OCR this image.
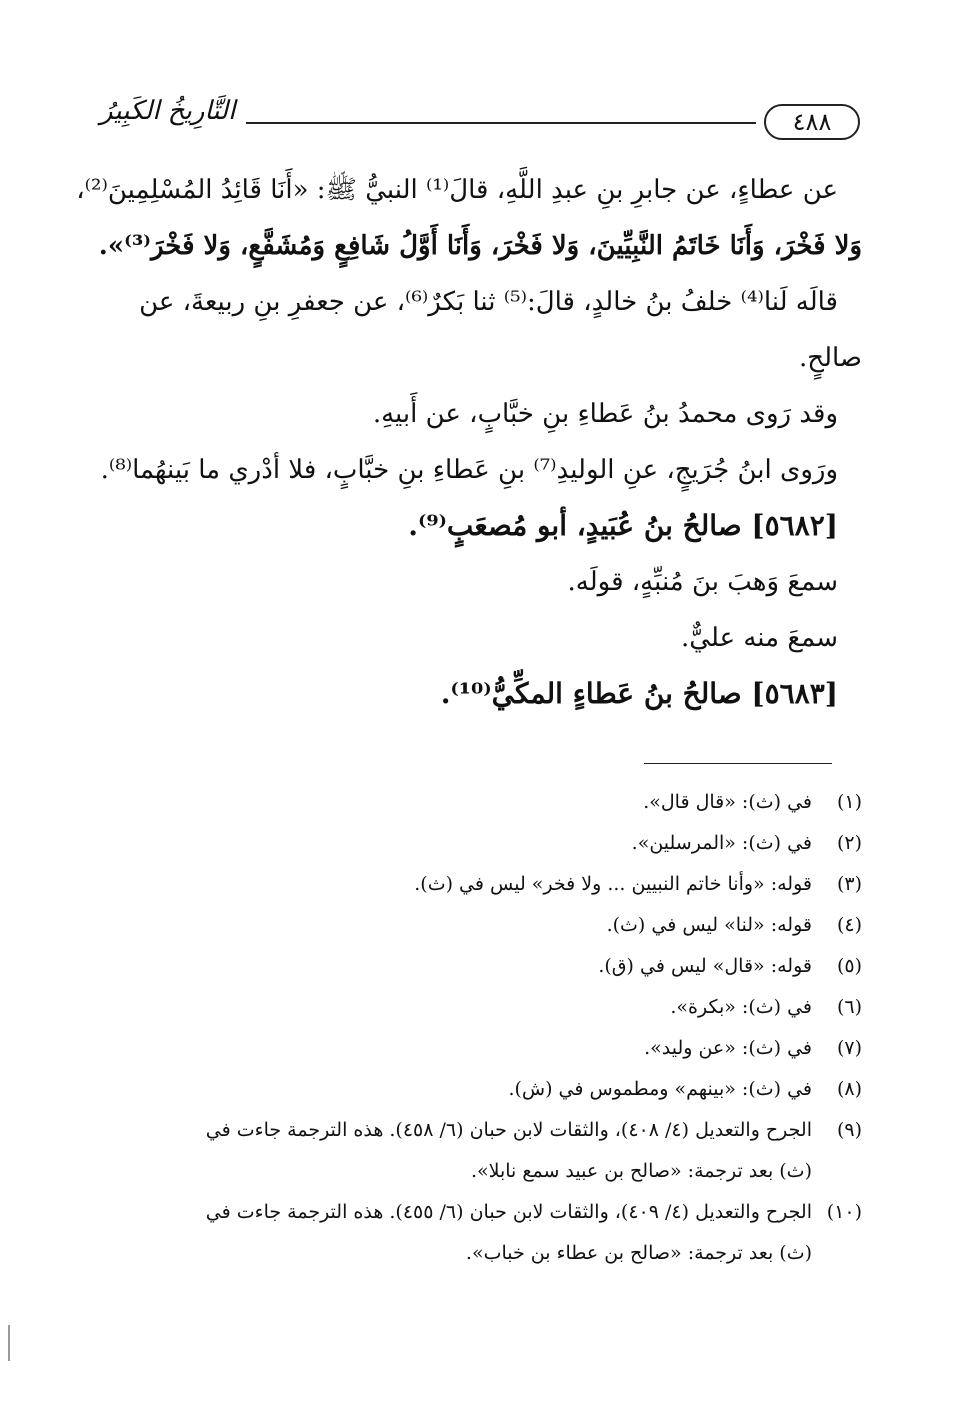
٤٨٨
التَّارِيخُ الكَبِيرُ
عن عطاءٍ، عن جابرِ بنِ عبدِ اللَّهِ، قالَ⁽¹⁾ النبيُّ ﷺ: «أَنَا قَائِدُ المُسْلِمِينَ⁽²⁾،
وَلا فَخْرَ، وَأَنَا خَاتَمُ النَّبِيِّينَ، وَلا فَخْرَ، وَأَنَا أَوَّلُ شَافِعٍ وَمُشَفَّعٍ، وَلا فَخْرَ⁽³⁾».
قالَه لَنا⁽⁴⁾ خلفُ بنُ خالدٍ، قالَ:⁽⁵⁾ ثنا بَكرٌ⁽⁶⁾، عن جعفرِ بنِ ربيعةَ، عن
صالحٍ.
وقد رَوى محمدُ بنُ عَطاءِ بنِ خبَّابٍ، عن أَبيهِ.
ورَوى ابنُ جُرَيجٍ، عنِ الوليدِ⁽⁷⁾ بنِ عَطاءِ بنِ خبَّابٍ، فلا أدْري ما بَينهُما⁽⁸⁾.
[٥٦٨٢] صالحُ بنُ عُبَيدٍ، أبو مُصعَبٍ⁽⁹⁾.
سمعَ وَهبَ بنَ مُنبِّهٍ، قولَه.
سمعَ منه عليٌّ.
[٥٦٨٣] صالحُ بنُ عَطاءٍ المكِّيُّ⁽¹⁰⁾.
(١)في (ث): «قال قال».
(٢)في (ث): «المرسلين».
(٣)قوله: «وأنا خاتم النبيين ... ولا فخر» ليس في (ث).
(٤)قوله: «لنا» ليس في (ث).
(٥)قوله: «قال» ليس في (ق).
(٦)في (ث): «بكرة».
(٧)في (ث): «عن وليد».
(٨)في (ث): «بينهم» ومطموس في (ش).
(٩)الجرح والتعديل (٤/ ٤٠٨)، والثقات لابن حبان (٦/ ٤٥٨). هذه الترجمة جاءت في
(ث) بعد ترجمة: «صالح بن عبيد سمع نابلا».
(١٠)الجرح والتعديل (٤/ ٤٠٩)، والثقات لابن حبان (٦/ ٤٥٥). هذه الترجمة جاءت في
(ث) بعد ترجمة: «صالح بن عطاء بن خباب».
